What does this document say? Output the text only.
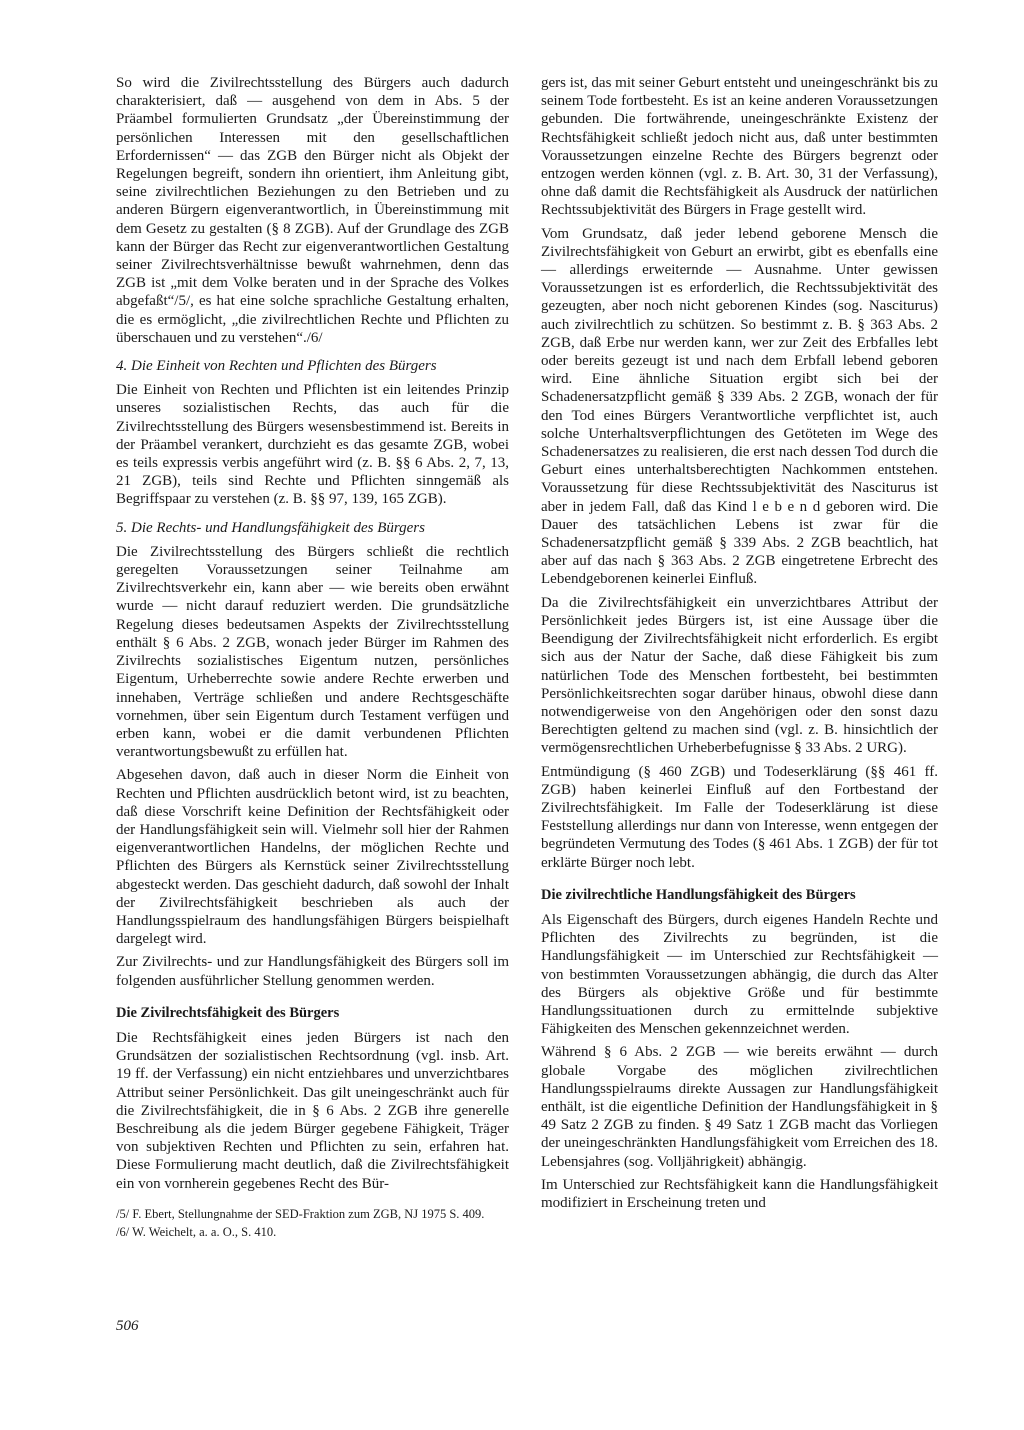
So wird die Zivilrechtsstellung des Bürgers auch dadurch charakterisiert, daß — ausgehend von dem in Abs. 5 der Präambel formulierten Grundsatz „der Übereinstimmung der persönlichen Interessen mit den gesellschaftlichen Erfordernissen“ — das ZGB den Bürger nicht als Objekt der Regelungen begreift, sondern ihn orientiert, ihm Anleitung gibt, seine zivilrechtlichen Beziehungen zu den Betrieben und zu anderen Bürgern eigenverantwortlich, in Übereinstimmung mit dem Gesetz zu gestalten (§ 8 ZGB). Auf der Grundlage des ZGB kann der Bürger das Recht zur eigenverantwortlichen Gestaltung seiner Zivilrechtsverhältnisse bewußt wahrnehmen, denn das ZGB ist „mit dem Volke beraten und in der Sprache des Volkes abgefaßt“/5/, es hat eine solche sprachliche Gestaltung erhalten, die es ermöglicht, „die zivilrechtlichen Rechte und Pflichten zu überschauen und zu verstehen“./6/

4. Die Einheit von Rechten und Pflichten des Bürgers

Die Einheit von Rechten und Pflichten ist ein leitendes Prinzip unseres sozialistischen Rechts, das auch für die Zivilrechtsstellung des Bürgers wesensbestimmend ist. Bereits in der Präambel verankert, durchzieht es das gesamte ZGB, wobei es teils expressis verbis angeführt wird (z. B. §§ 6 Abs. 2, 7, 13, 21 ZGB), teils sind Rechte und Pflichten sinngemäß als Begriffspaar zu verstehen (z. B. §§ 97, 139, 165 ZGB).

5. Die Rechts- und Handlungsfähigkeit des Bürgers

Die Zivilrechtsstellung des Bürgers schließt die rechtlich geregelten Voraussetzungen seiner Teilnahme am Zivilrechtsverkehr ein, kann aber — wie bereits oben erwähnt wurde — nicht darauf reduziert werden. Die grundsätzliche Regelung dieses bedeutsamen Aspekts der Zivilrechtsstellung enthält § 6 Abs. 2 ZGB, wonach jeder Bürger im Rahmen des Zivilrechts sozialistisches Eigentum nutzen, persönliches Eigentum, Urheberrechte sowie andere Rechte erwerben und innehaben, Verträge schließen und andere Rechtsgeschäfte vornehmen, über sein Eigentum durch Testament verfügen und erben kann, wobei er die damit verbundenen Pflichten verantwortungsbewußt zu erfüllen hat.

Abgesehen davon, daß auch in dieser Norm die Einheit von Rechten und Pflichten ausdrücklich betont wird, ist zu beachten, daß diese Vorschrift keine Definition der Rechtsfähigkeit oder der Handlungsfähigkeit sein will. Vielmehr soll hier der Rahmen eigenverantwortlichen Handelns, der möglichen Rechte und Pflichten des Bürgers als Kernstück seiner Zivilrechtsstellung abgesteckt werden. Das geschieht dadurch, daß sowohl der Inhalt der Zivilrechtsfähigkeit beschrieben als auch der Handlungsspielraum des handlungsfähigen Bürgers beispielhaft dargelegt wird.

Zur Zivilrechts- und zur Handlungsfähigkeit des Bürgers soll im folgenden ausführlicher Stellung genommen werden.

Die Zivilrechtsfähigkeit des Bürgers

Die Rechtsfähigkeit eines jeden Bürgers ist nach den Grundsätzen der sozialistischen Rechtsordnung (vgl. insb. Art. 19 ff. der Verfassung) ein nicht entziehbares und unverzichtbares Attribut seiner Persönlichkeit. Das gilt uneingeschränkt auch für die Zivilrechtsfähigkeit, die in § 6 Abs. 2 ZGB ihre generelle Beschreibung als die jedem Bürger gegebene Fähigkeit, Träger von subjektiven Rechten und Pflichten zu sein, erfahren hat. Diese Formulierung macht deutlich, daß die Zivilrechtsfähigkeit ein von vornherein gegebenes Recht des Bür-

/5/ F. Ebert, Stellungnahme der SED-Fraktion zum ZGB, NJ 1975 S. 409.

/6/ W. Weichelt, a. a. O., S. 410.

gers ist, das mit seiner Geburt entsteht und uneingeschränkt bis zu seinem Tode fortbesteht. Es ist an keine anderen Voraussetzungen gebunden. Die fortwährende, uneingeschränkte Existenz der Rechtsfähigkeit schließt jedoch nicht aus, daß unter bestimmten Voraussetzungen einzelne Rechte des Bürgers begrenzt oder entzogen werden können (vgl. z. B. Art. 30, 31 der Verfassung), ohne daß damit die Rechtsfähigkeit als Ausdruck der natürlichen Rechtssubjektivität des Bürgers in Frage gestellt wird.

Vom Grundsatz, daß jeder lebend geborene Mensch die Zivilrechtsfähigkeit von Geburt an erwirbt, gibt es ebenfalls eine — allerdings erweiternde — Ausnahme. Unter gewissen Voraussetzungen ist es erforderlich, die Rechtssubjektivität des gezeugten, aber noch nicht geborenen Kindes (sog. Nasciturus) auch zivilrechtlich zu schützen. So bestimmt z. B. § 363 Abs. 2 ZGB, daß Erbe nur werden kann, wer zur Zeit des Erbfalles lebt oder bereits gezeugt ist und nach dem Erbfall lebend geboren wird. Eine ähnliche Situation ergibt sich bei der Schadenersatzpflicht gemäß § 339 Abs. 2 ZGB, wonach der für den Tod eines Bürgers Verantwortliche verpflichtet ist, auch solche Unterhaltsverpflichtungen des Getöteten im Wege des Schadenersatzes zu realisieren, die erst nach dessen Tod durch die Geburt eines unterhaltsberechtigten Nachkommen entstehen. Voraussetzung für diese Rechtssubjektivität des Nasciturus ist aber in jedem Fall, daß das Kind l e b e n d geboren wird. Die Dauer des tatsächlichen Lebens ist zwar für die Schadenersatzpflicht gemäß § 339 Abs. 2 ZGB beachtlich, hat aber auf das nach § 363 Abs. 2 ZGB eingetretene Erbrecht des Lebendgeborenen keinerlei Einfluß.

Da die Zivilrechtsfähigkeit ein unverzichtbares Attribut der Persönlichkeit jedes Bürgers ist, ist eine Aussage über die Beendigung der Zivilrechtsfähigkeit nicht erforderlich. Es ergibt sich aus der Natur der Sache, daß diese Fähigkeit bis zum natürlichen Tode des Menschen fortbesteht, bei bestimmten Persönlichkeitsrechten sogar darüber hinaus, obwohl diese dann notwendigerweise von den Angehörigen oder den sonst dazu Berechtigten geltend zu machen sind (vgl. z. B. hinsichtlich der vermögensrechtlichen Urheberbefugnisse § 33 Abs. 2 URG).

Entmündigung (§ 460 ZGB) und Todeserklärung (§§ 461 ff. ZGB) haben keinerlei Einfluß auf den Fortbestand der Zivilrechtsfähigkeit. Im Falle der Todeserklärung ist diese Feststellung allerdings nur dann von Interesse, wenn entgegen der begründeten Vermutung des Todes (§ 461 Abs. 1 ZGB) der für tot erklärte Bürger noch lebt.

Die zivilrechtliche Handlungsfähigkeit des Bürgers

Als Eigenschaft des Bürgers, durch eigenes Handeln Rechte und Pflichten des Zivilrechts zu begründen, ist die Handlungsfähigkeit — im Unterschied zur Rechtsfähigkeit — von bestimmten Voraussetzungen abhängig, die durch das Alter des Bürgers als objektive Größe und für bestimmte Handlungssituationen durch zu ermittelnde subjektive Fähigkeiten des Menschen gekennzeichnet werden.

Während § 6 Abs. 2 ZGB — wie bereits erwähnt — durch globale Vorgabe des möglichen zivilrechtlichen Handlungsspielraums direkte Aussagen zur Handlungsfähigkeit enthält, ist die eigentliche Definition der Handlungsfähigkeit in § 49 Satz 2 ZGB zu finden. § 49 Satz 1 ZGB macht das Vorliegen der uneingeschränkten Handlungsfähigkeit vom Erreichen des 18. Lebensjahres (sog. Volljährigkeit) abhängig.

Im Unterschied zur Rechtsfähigkeit kann die Handlungsfähigkeit modifiziert in Erscheinung treten und

506
